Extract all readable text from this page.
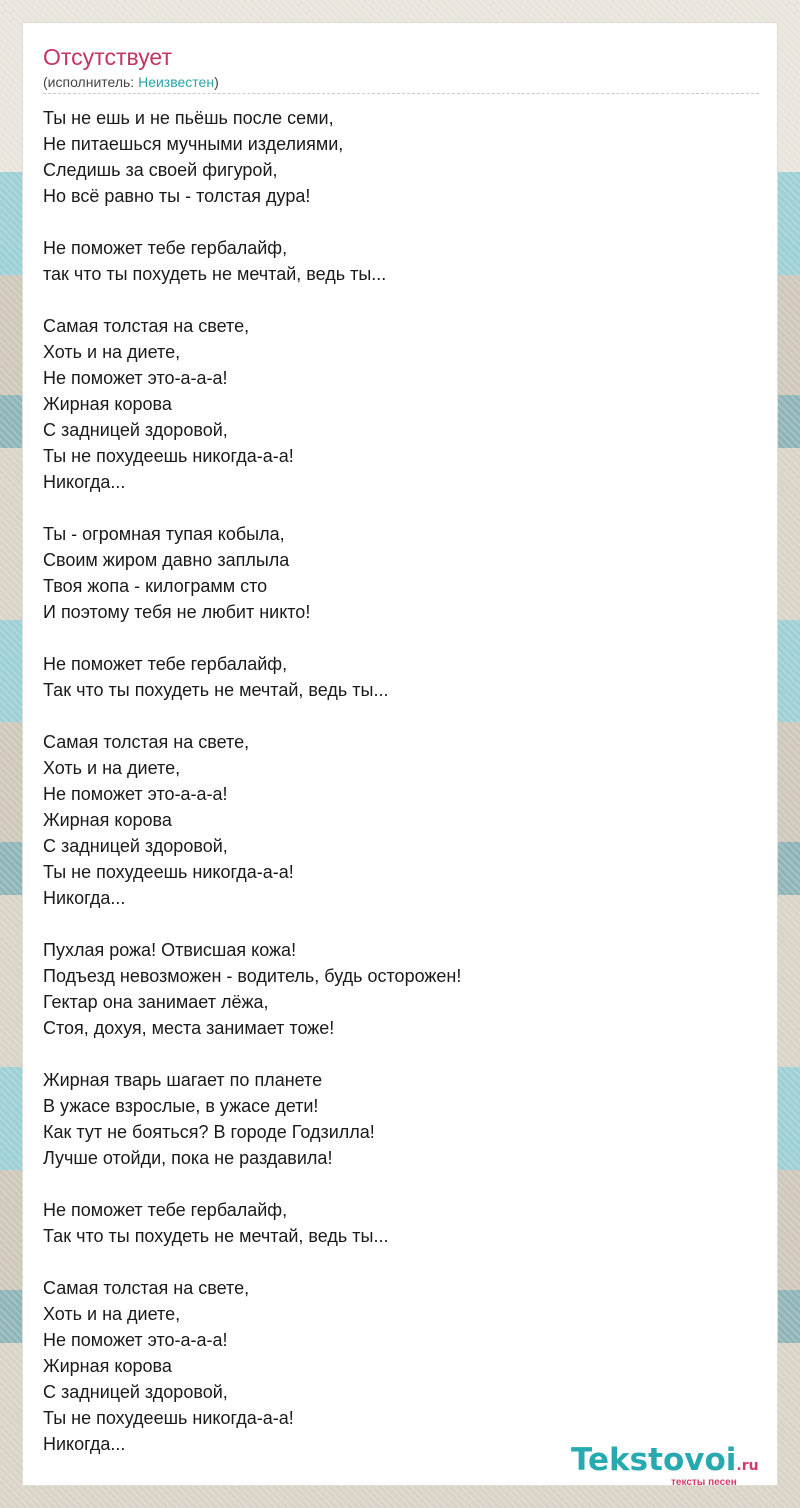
Отсутствует
(исполнитель: Неизвестен)
Ты не ешь и не пьёшь после семи,
Не питаешься мучными изделиями,
Следишь за своей фигурой,
Но всё равно ты - толстая дура!
Не поможет тебе гербалайф,
так что ты похудеть не мечтай, ведь ты...
Самая толстая на свете,
Хоть и на диете,
Не поможет это-а-а-а!
Жирная корова
С задницей здоровой,
Ты не похудеешь никогда-а-а!
Никогда...
Ты - огромная тупая кобыла,
Своим жиром давно заплыла
Твоя жопа - килограмм сто
И поэтому тебя не любит никто!
Не поможет тебе гербалайф,
Так что ты похудеть не мечтай, ведь ты...
Самая толстая на свете,
Хоть и на диете,
Не поможет это-а-а-а!
Жирная корова
С задницей здоровой,
Ты не похудеешь никогда-а-а!
Никогда...
Пухлая рожа! Отвисшая кожа!
Подъезд невозможен - водитель, будь осторожен!
Гектар она занимает лёжа,
Стоя, дохуя, места занимает тоже!
Жирная тварь шагает по планете
В ужасе взрослые, в ужасе дети!
Как тут не бояться? В городе Годзилла!
Лучше отойди, пока не раздавила!
Не поможет тебе гербалайф,
Так что ты похудеть не мечтай, ведь ты...
Самая толстая на свете,
Хоть и на диете,
Не поможет это-а-а-а!
Жирная корова
С задницей здоровой,
Ты не похудеешь никогда-а-а!
Никогда...	Tekstovoi.ru
тексты песен
